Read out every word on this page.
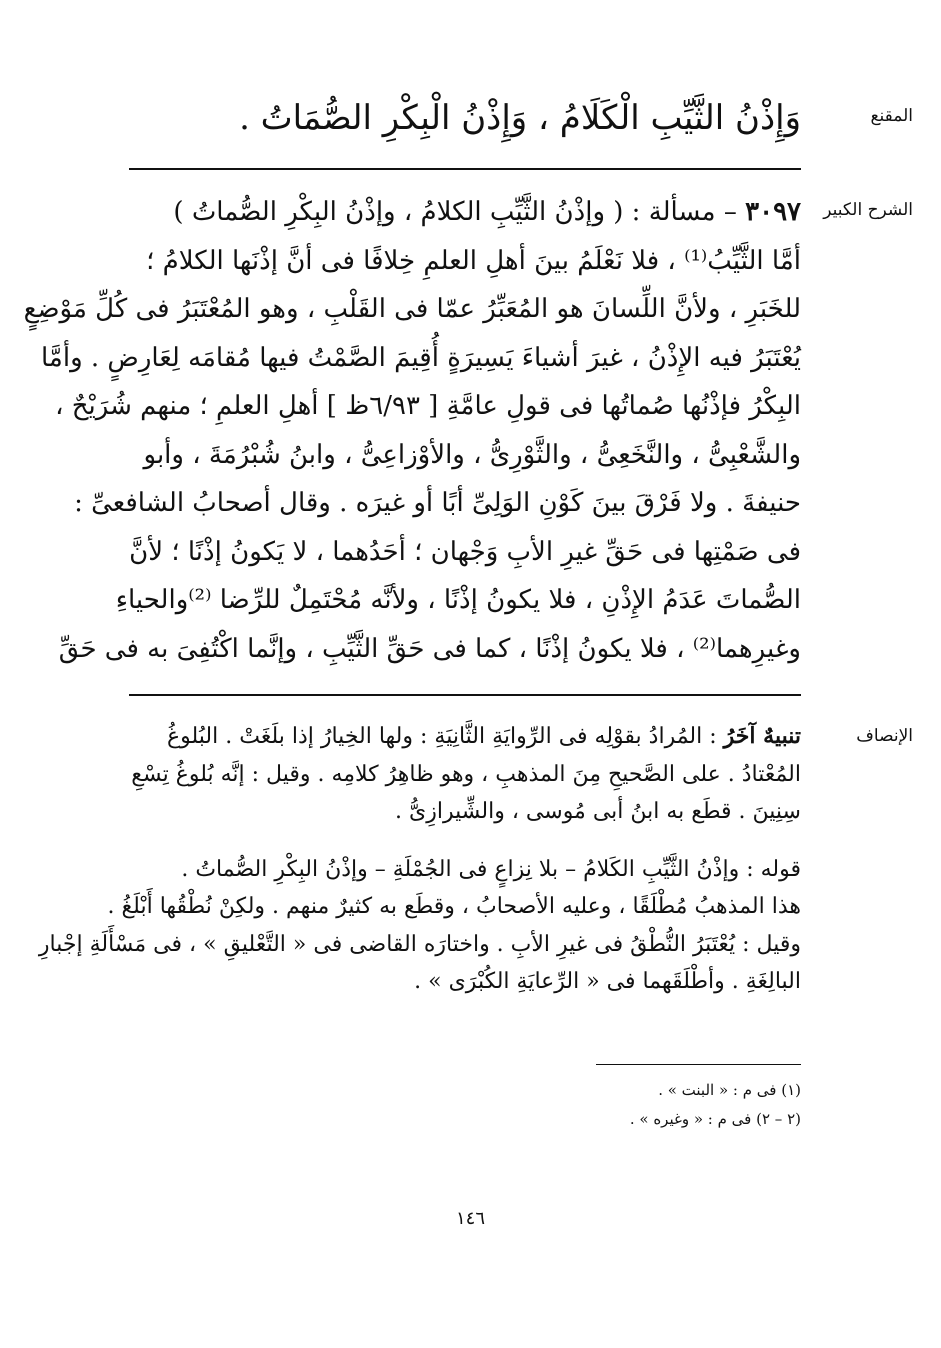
المقنع
وَإِذْنُ الثَّيِّبِ الْكَلَامُ ، وَإِذْنُ الْبِكْرِ الصُّمَاتُ .
الشرح الكبير
٣٠٩٧ – مسألة : ( وإذْنُ الثَّيِّبِ الكلامُ ، وإذْنُ البِكْرِ الصُّماتُ )
أمَّا الثَّيِّبُ⁽¹⁾ ، فلا نَعْلَمُ بينَ أهلِ العلمِ خِلافًا فى أنَّ إذْنَها الكلامُ ؛
للخَبَرِ ، ولأنَّ اللِّسانَ هو المُعَبِّرُ عمّا فى القَلْبِ ، وهو المُعْتَبَرُ فى كُلِّ مَوْضِعٍ
يُعْتَبَرُ فيه الإِذْنُ ، غيرَ أشياءَ يَسِيرَةٍ أُقِيمَ الصَّمْتُ فيها مُقامَه لِعَارِضٍ . وأمَّا
البِكْرُ فإذْنُها صُماتُها فى قولِ عامَّةِ [ ٦/٩٣ظ ] أهلِ العلمِ ؛ منهم شُرَيْحٌ ،
والشَّعْبِىُّ ، والنَّخَعِىُّ ، والثَّوْرِىُّ ، والأوْزاعِىُّ ، وابنُ شُبْرُمَةَ ، وأبو
حنيفةَ . ولا فَرْقَ بينَ كَوْنِ الوَلِىِّ أبًا أو غيرَه . وقال أصحابُ الشافعىِّ :
فى صَمْتِها فى حَقِّ غيرِ الأبِ وَجْهان ؛ أحَدُهما ، لا يَكونُ إذْنًا ؛ لأنَّ
الصُّماتَ عَدَمُ الإِذْنِ ، فلا يكونُ إذْنًا ، ولأنَّه مُحْتَمِلٌ للرِّضا ⁽²⁾والحياءِ
وغيرِهما⁽²⁾ ، فلا يكونُ إذْنًا ، كما فى حَقِّ الثَّيِّبِ ، وإنَّما اكْتُفِىَ به فى حَقِّ
الإنصاف
تنبيهٌ آخَرُ : المُرادُ بقوْلِه فى الرِّوايَةِ الثَّانِيَةِ : ولها الخِيارُ إذا بلَغَتْ . البُلوغُ
المُعْتادُ . على الصَّحيحِ مِنَ المذهبِ ، وهو ظاهِرُ كلامِه . وقيل : إنَّه بُلوغُ تِسْعِ
سِنِينَ . قطَع به ابنُ أبى مُوسى ، والشِّيرازِىُّ .
قوله : وإذْنُ الثَّيِّبِ الكَلامُ – بلا نِزاعٍ فى الجُمْلَةِ – وإذْنُ البِكْرِ الصُّماتُ .
هذا المذهبُ مُطْلَقًا ، وعليه الأصحابُ ، وقطَع به كثيرٌ منهم . ولكِنْ نُطْقُها أَبْلَغُ .
وقيل : يُعْتَبَرُ النُّطْقُ فى غيرِ الأبِ . واختارَه القاضى فى « التَّعْليقِ » ، فى مَسْأَلَةِ إجْبارِ
البالِغَةِ . وأطْلَقَهما فى « الرِّعايَةِ الكُبْرَى » .
(١) فى م : « البنت » .
(٢ – ٢) فى م : « وغيره » .
١٤٦
